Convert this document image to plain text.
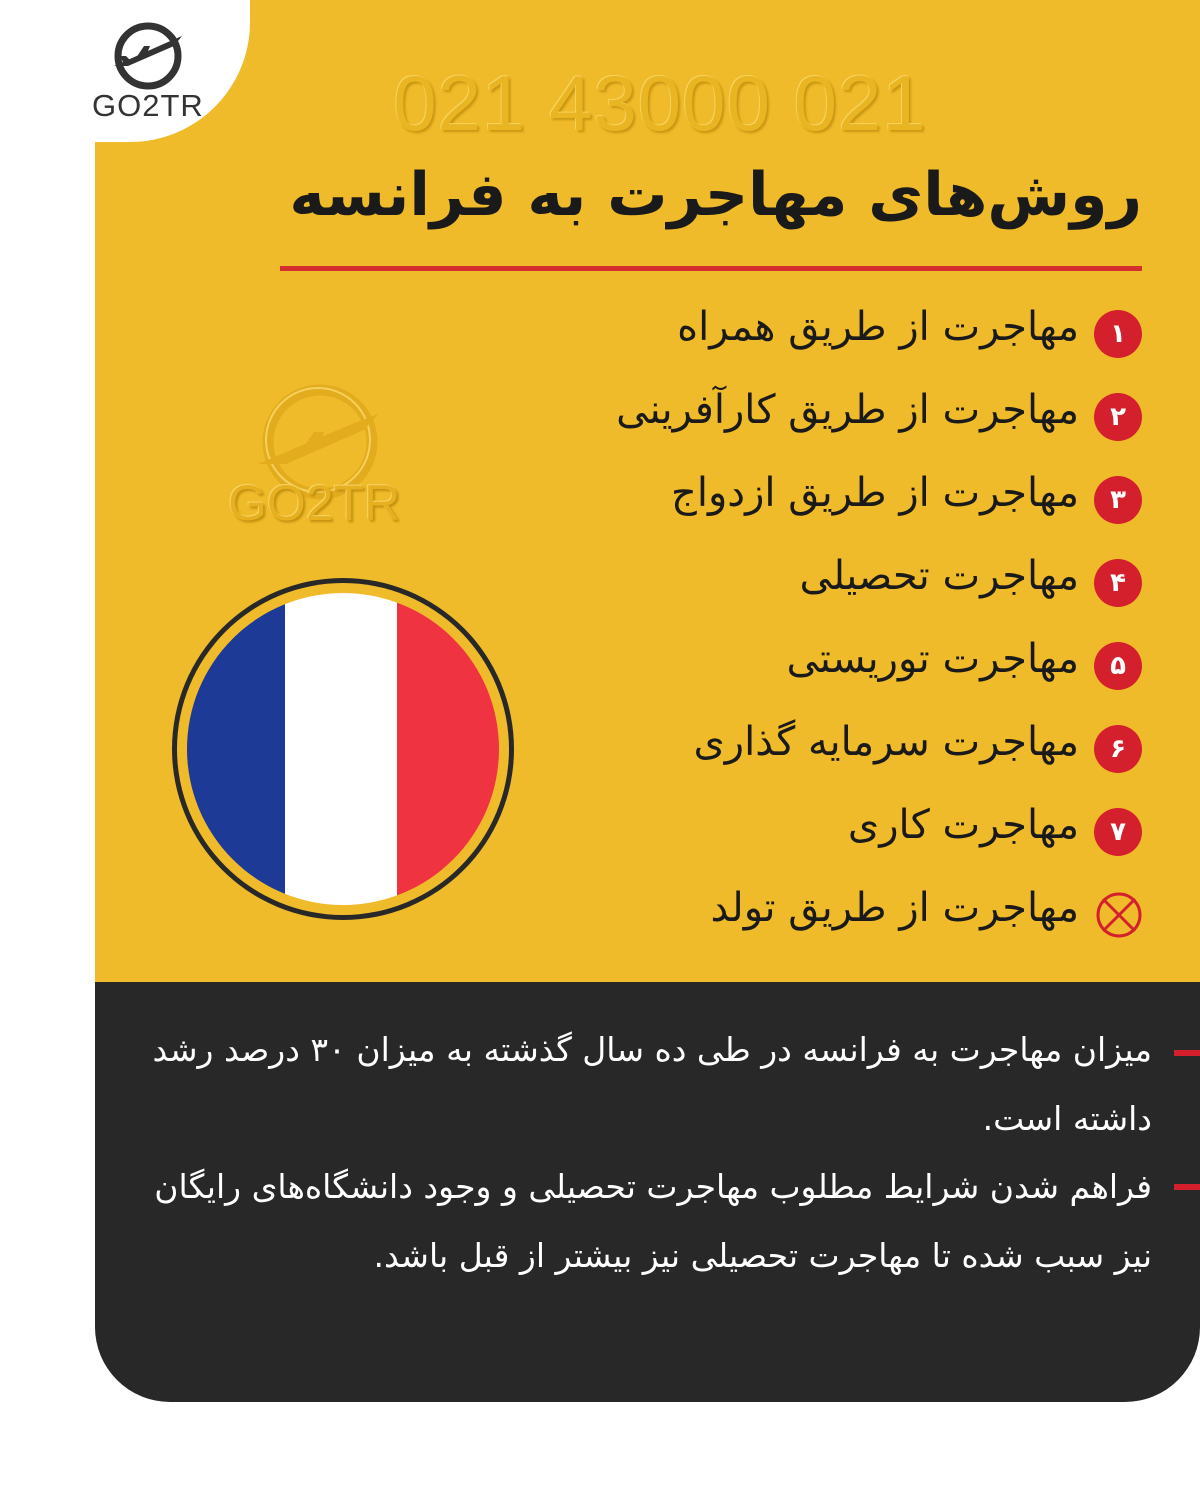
GO2TR 021 43000 021
روش‌های مهاجرت به فرانسه
GO2TR
۱
مهاجرت از طریق همراه
۲
مهاجرت از طریق کارآفرینی
۳
مهاجرت از طریق ازدواج
۴
مهاجرت تحصیلی
۵
مهاجرت توریستی
۶
مهاجرت سرمایه گذاری
۷
مهاجرت کاری
مهاجرت از طریق تولد

میزان مهاجرت به فرانسه در طی ده سال گذشته به میزان ۳۰ درصد رشد داشته است.

فراهم شدن شرایط مطلوب مهاجرت تحصیلی و وجود دانشگاه‌های رایگان نیز سبب شده تا مهاجرت تحصیلی نیز بیشتر از قبل باشد.
